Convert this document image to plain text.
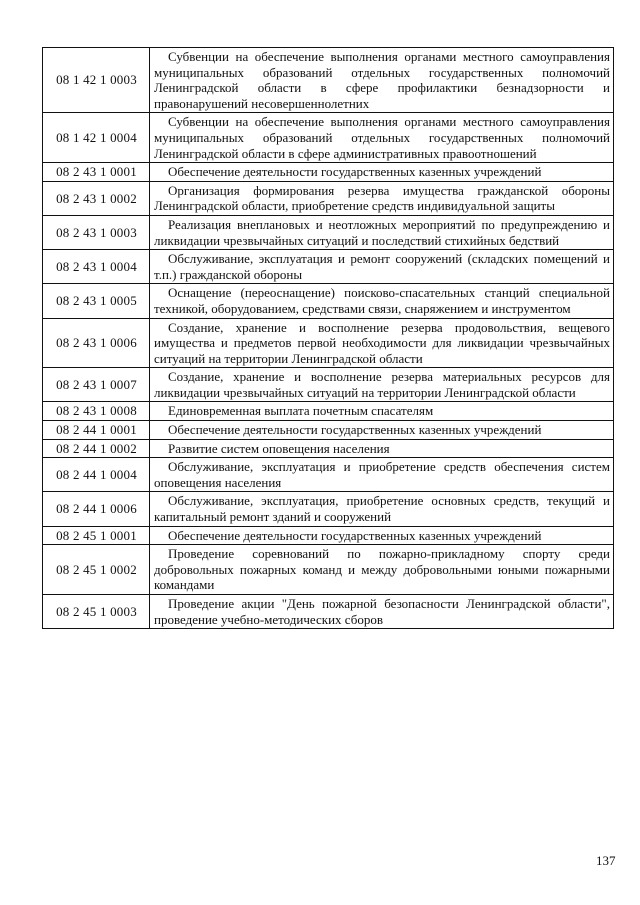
08 1 42 1 0003	Субвенции на обеспечение выполнения органами местного самоуправления муниципальных образований отдельных государственных полномочий Ленинградской области в сфере профилактики безнадзорности и правонарушений несовершеннолетних

08 1 42 1 0004	Субвенции на обеспечение выполнения органами местного самоуправления муниципальных образований отдельных государственных полномочий Ленинградской области в сфере административных правоотношений

08 2 43 1 0001	Обеспечение деятельности государственных казенных учреждений

08 2 43 1 0002	Организация формирования резерва имущества гражданской обороны Ленинградской области, приобретение средств индивидуальной защиты

08 2 43 1 0003	Реализация внеплановых и неотложных мероприятий по предупреждению и ликвидации чрезвычайных ситуаций и последствий стихийных бедствий

08 2 43 1 0004	Обслуживание, эксплуатация и ремонт сооружений (складских помещений и т.п.) гражданской обороны

08 2 43 1 0005	Оснащение (переоснащение) поисково-спасательных станций специальной техникой, оборудованием, средствами связи, снаряжением и инструментом

08 2 43 1 0006	Создание, хранение и восполнение резерва продовольствия, вещевого имущества и предметов первой необходимости для ликвидации чрезвычайных ситуаций на территории Ленинградской области

08 2 43 1 0007	Создание, хранение и восполнение резерва материальных ресурсов для ликвидации чрезвычайных ситуаций на территории Ленинградской области

08 2 43 1 0008	Единовременная выплата почетным спасателям

08 2 44 1 0001	Обеспечение деятельности государственных казенных учреждений

08 2 44 1 0002	Развитие систем оповещения населения

08 2 44 1 0004	Обслуживание, эксплуатация и приобретение средств обеспечения систем оповещения населения

08 2 44 1 0006	Обслуживание, эксплуатация, приобретение основных средств, текущий и капитальный ремонт зданий и сооружений

08 2 45 1 0001	Обеспечение деятельности государственных казенных учреждений

08 2 45 1 0002	Проведение соревнований по пожарно-прикладному спорту среди добровольных пожарных команд и между добровольными юными пожарными командами

08 2 45 1 0003	Проведение акции "День пожарной безопасности Ленинградской области", проведение учебно-методических сборов
137
